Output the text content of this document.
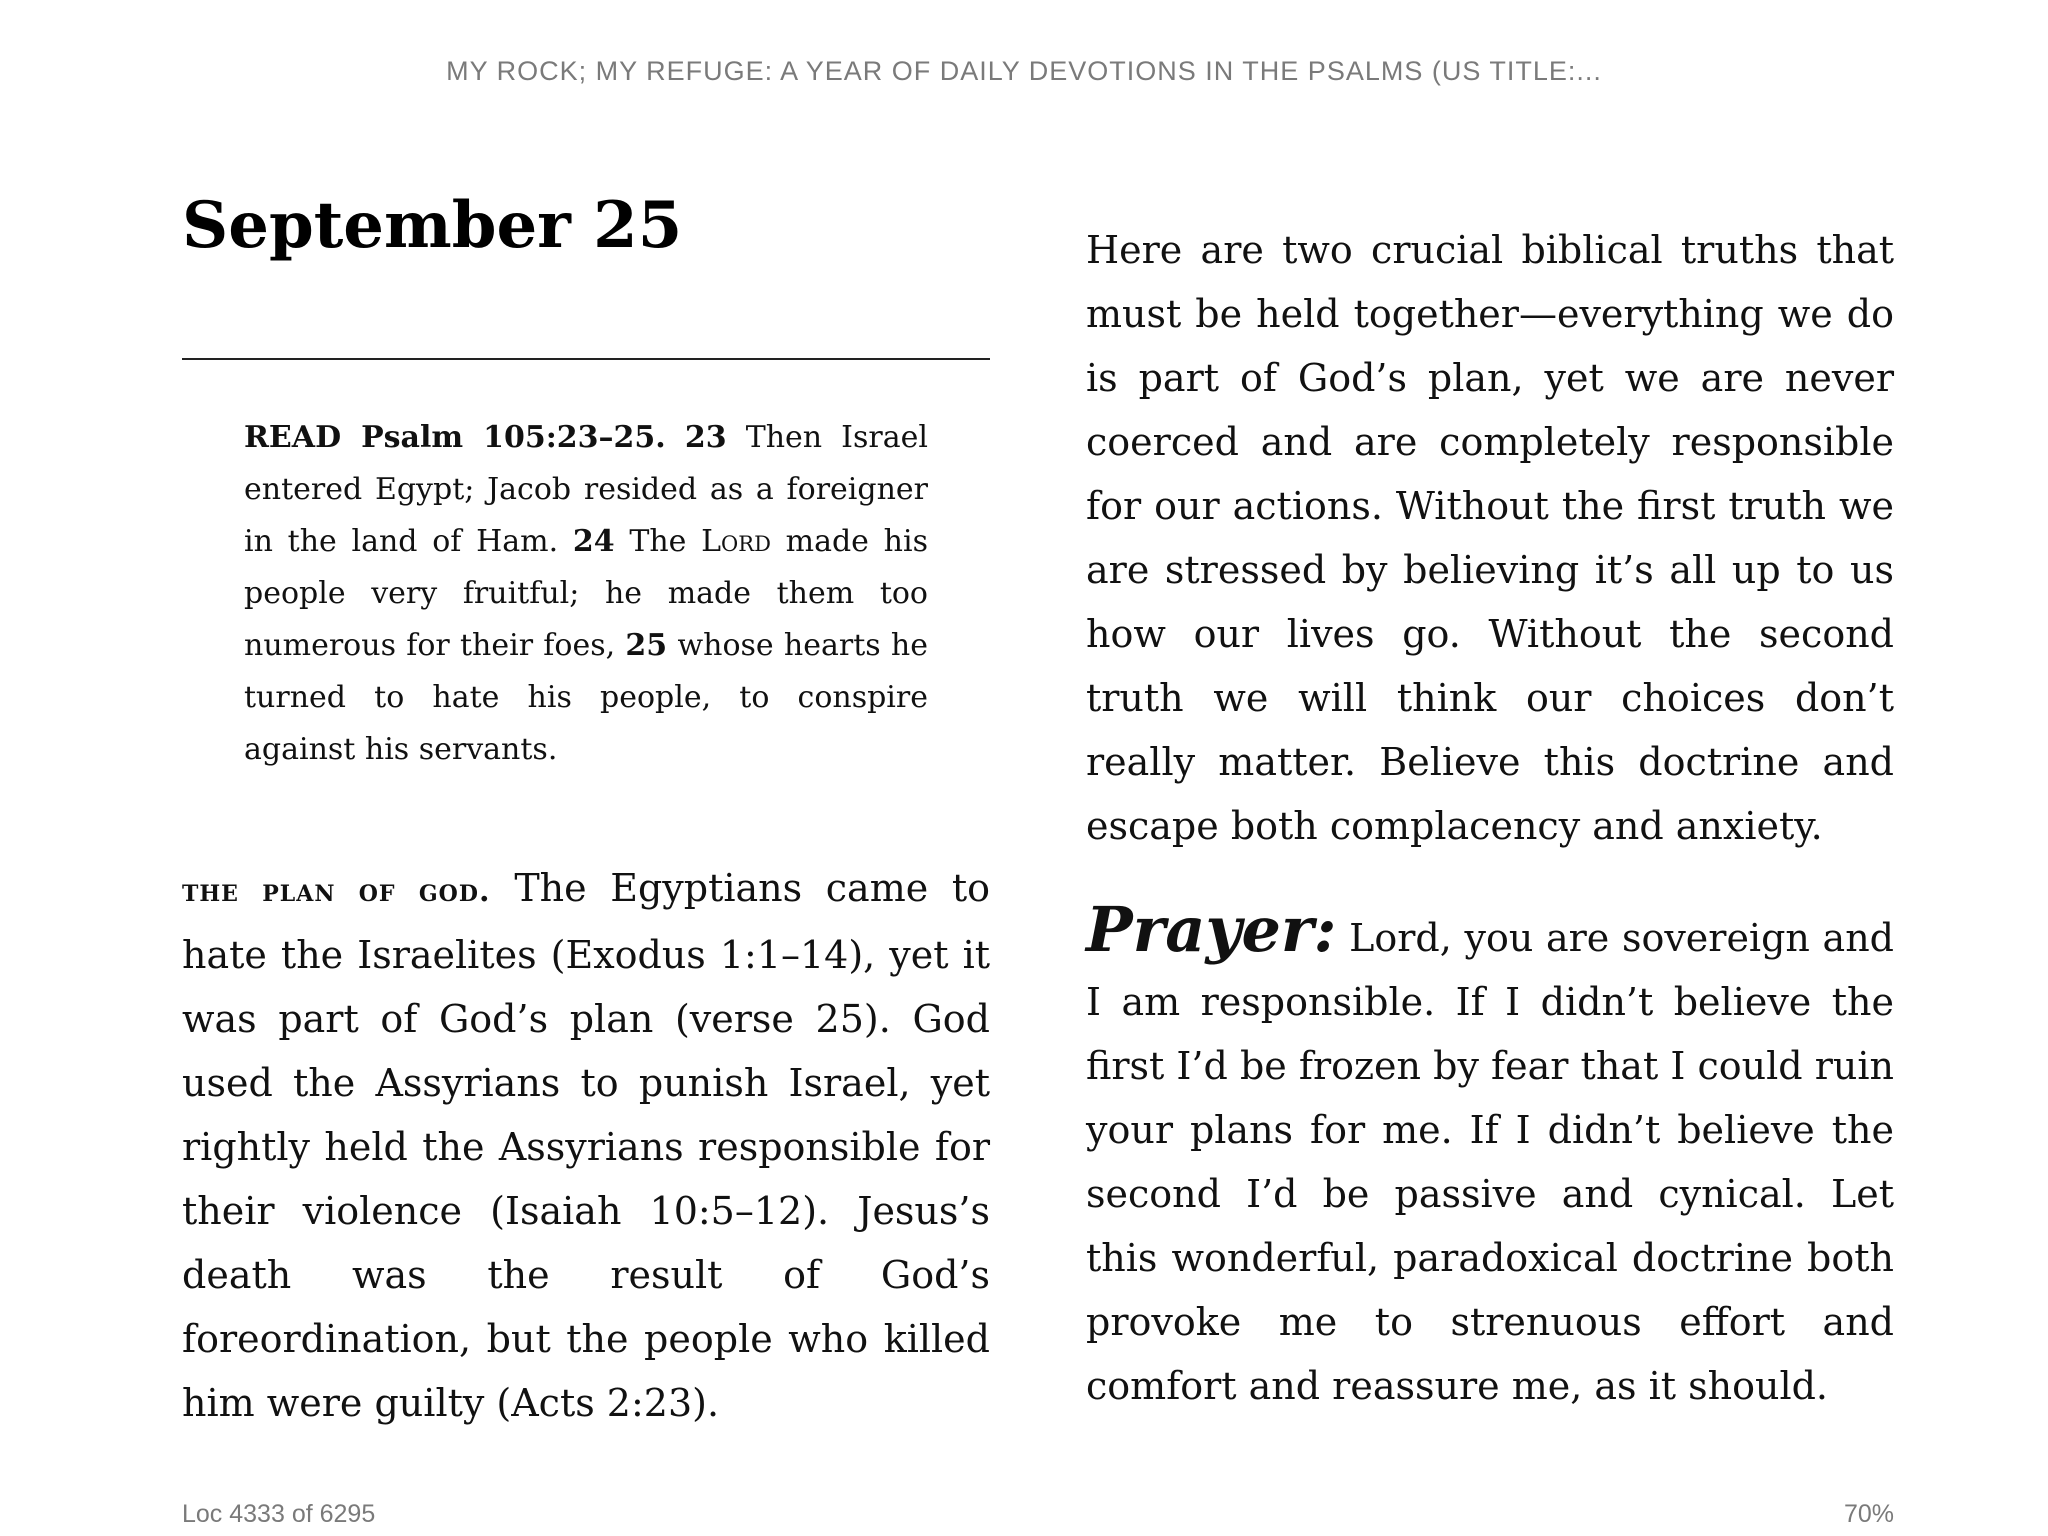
MY ROCK; MY REFUGE: A YEAR OF DAILY DEVOTIONS IN THE PSALMS (US TITLE:...
September 25
READ Psalm 105:23–25. 23 Then Israel entered Egypt; Jacob resided as a foreigner in the land of Ham. 24 The Lord made his people very fruitful; he made them too numerous for their foes, 25 whose hearts he turned to hate his people, to conspire against his servants.

the plan of god. The Egyptians came to hate the Israelites (Exodus 1:1–14), yet it was part of God’s plan (verse 25). God used the Assyrians to punish Israel, yet rightly held the Assyrians responsible for their violence (Isaiah 10:5–12). Jesus’s death was the result of God’s foreordination, but the people who killed him were guilty (Acts 2:23).

Here are two crucial biblical truths that must be held together—everything we do is part of God’s plan, yet we are never coerced and are completely responsible for our actions. Without the first truth we are stressed by believing it’s all up to us how our lives go. Without the second truth we will think our choices don’t really matter. Believe this doctrine and escape both complacency and anxiety.

Prayer: Lord, you are sovereign and I am responsible. If I didn’t believe the first I’d be frozen by fear that I could ruin your plans for me. If I didn’t believe the second I’d be passive and cynical. Let this wonderful, paradoxical doctrine both provoke me to strenuous effort and comfort and reassure me, as it should.

Loc 4333 of 6295	70%
